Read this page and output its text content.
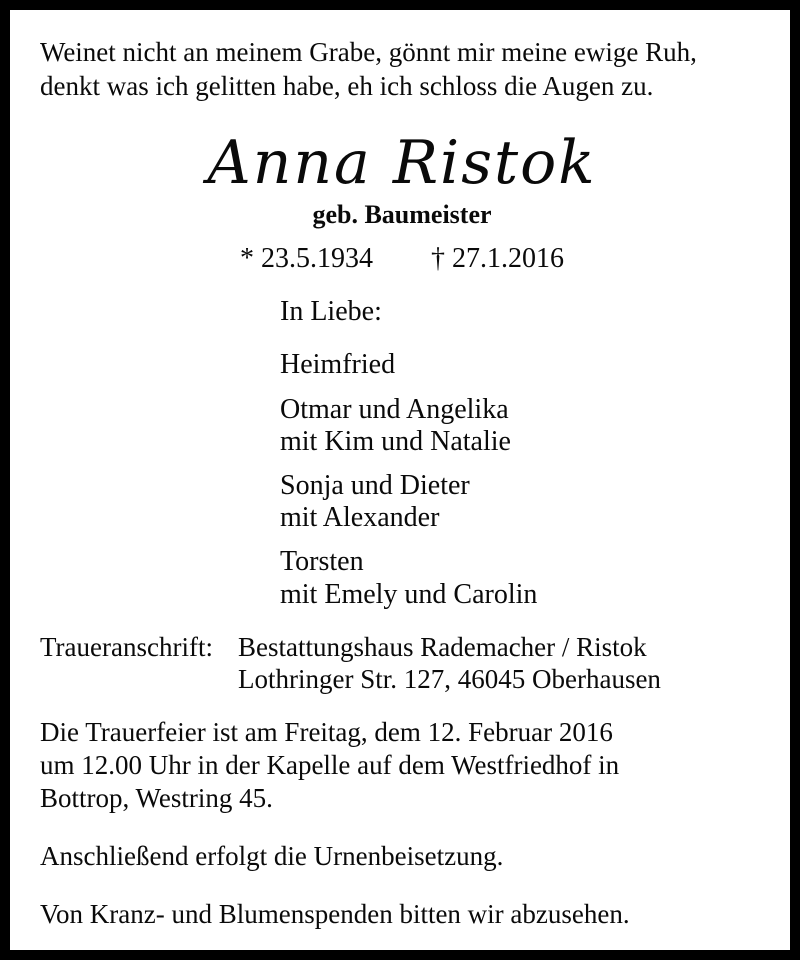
Weinet nicht an meinem Grabe, gönnt mir meine ewige Ruh,
denkt was ich gelitten habe, eh ich schloss die Augen zu.
Anna Ristok
geb. Baumeister
* 23.5.1934 † 27.1.2016
In Liebe:
Heimfried
Otmar und Angelika
mit Kim und Natalie
Sonja und Dieter
mit Alexander
Torsten
mit Emely und Carolin
Traueranschrift: Bestattungshaus Rademacher / Ristok
Lothringer Str. 127, 46045 Oberhausen
Die Trauerfeier ist am Freitag, dem 12. Februar 2016
um 12.00 Uhr in der Kapelle auf dem Westfriedhof in
Bottrop, Westring 45.
Anschließend erfolgt die Urnenbeisetzung.
Von Kranz- und Blumenspenden bitten wir abzusehen.
